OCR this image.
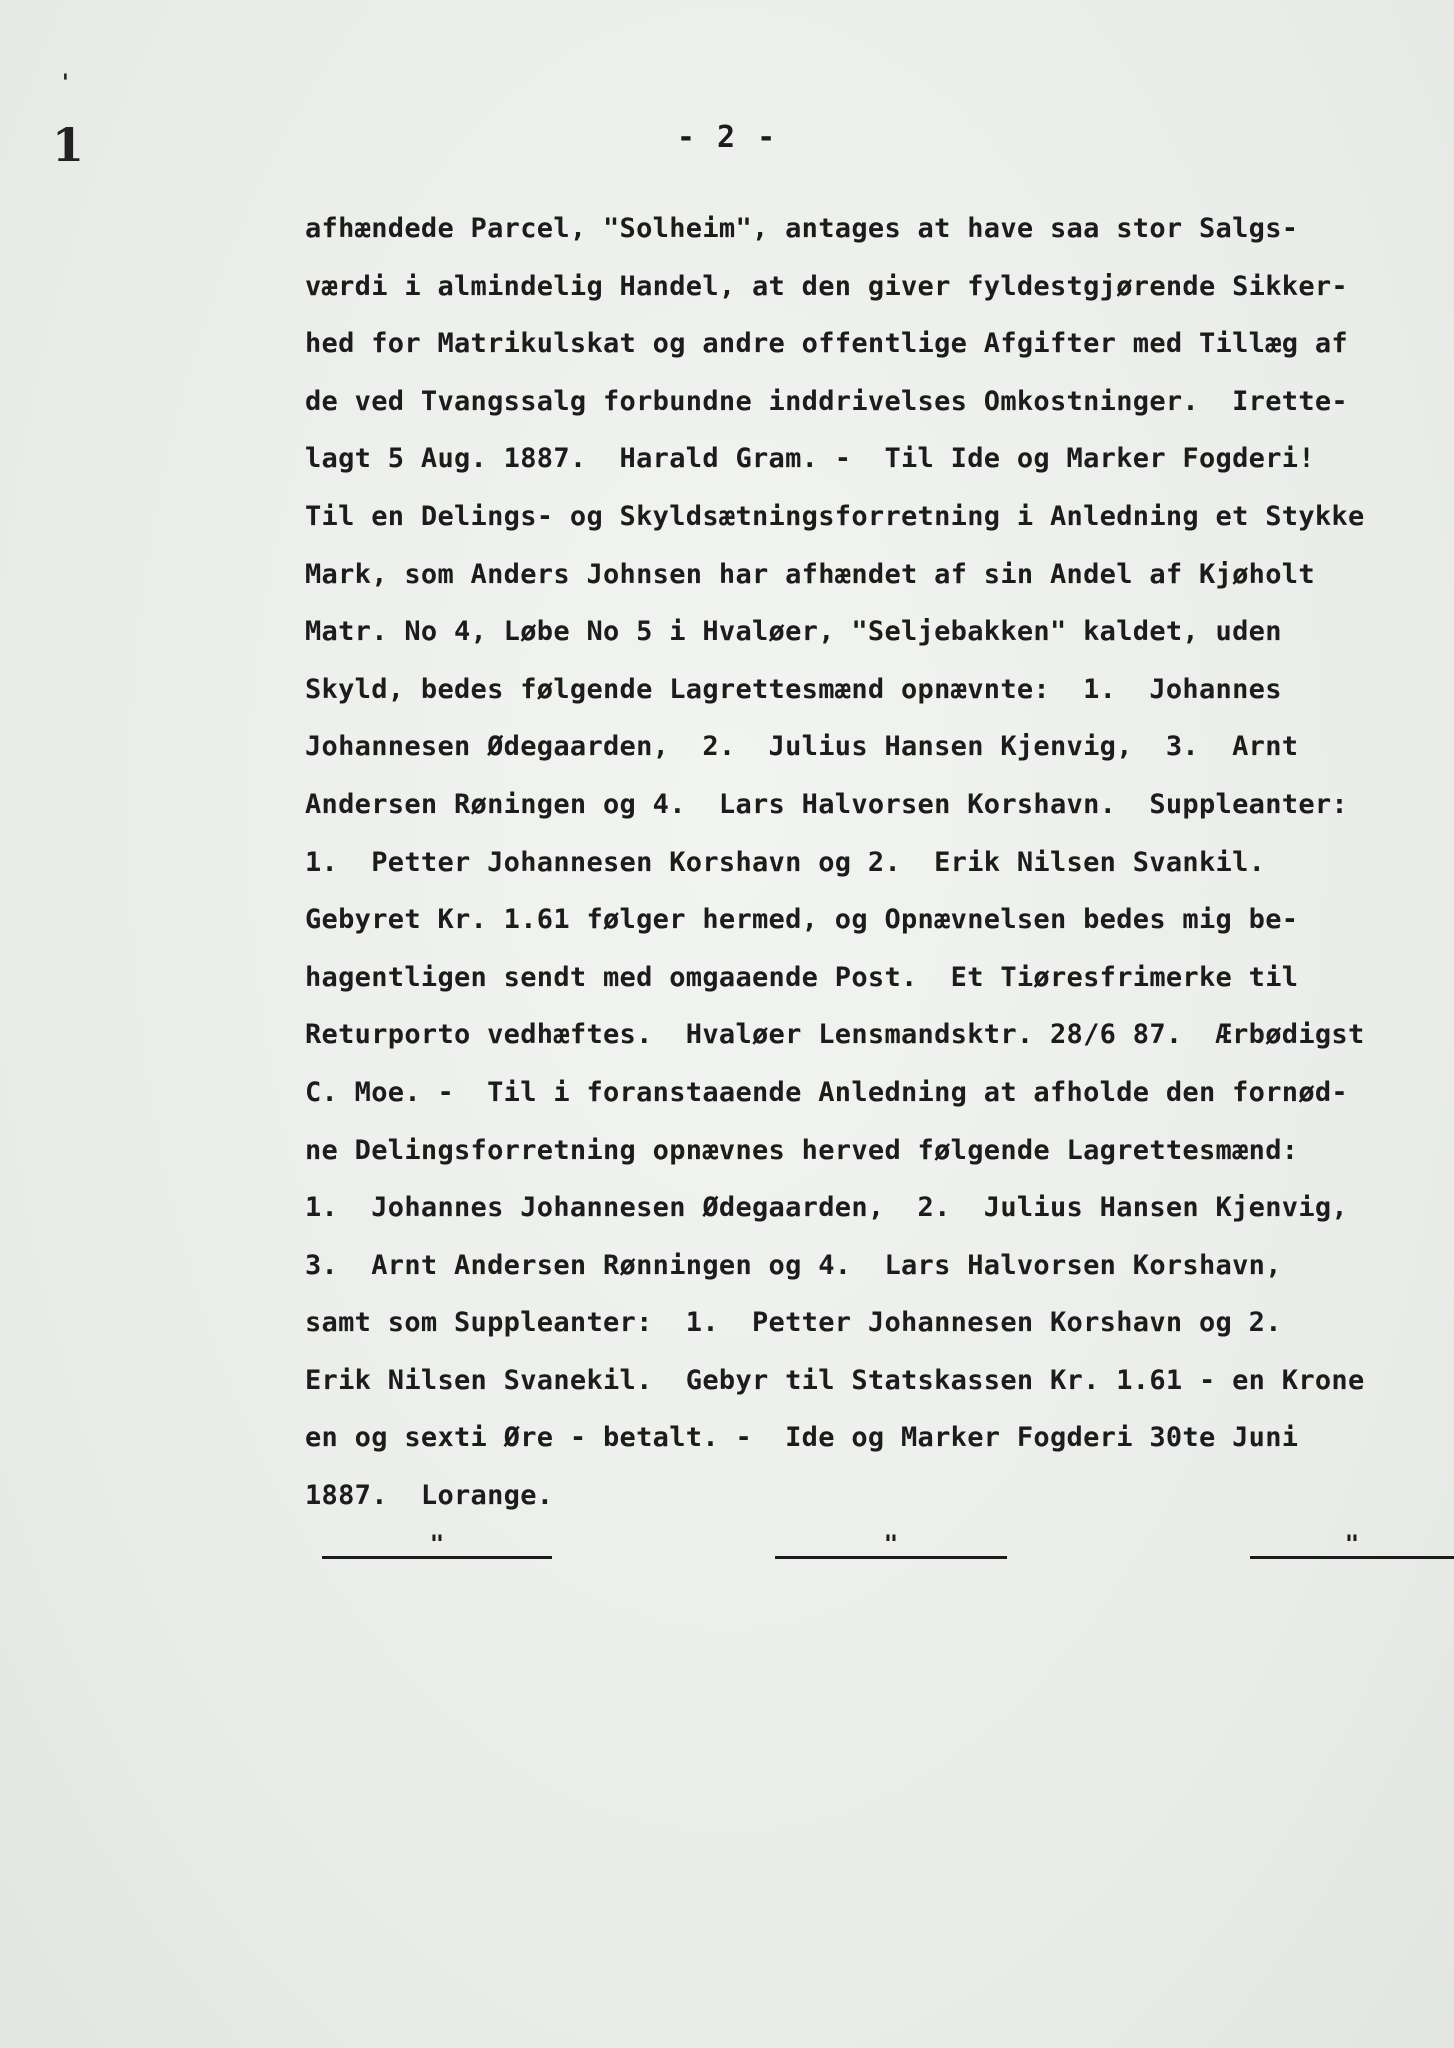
'
1	- 2 -
afhændede Parcel, "Solheim", antages at have saa stor Salgs-
værdi i almindelig Handel, at den giver fyldestgjørende Sikker-
hed for Matrikulskat og andre offentlige Afgifter med Tillæg af
de ved Tvangssalg forbundne inddrivelses Omkostninger.  Irette-
lagt 5 Aug. 1887.  Harald Gram. -  Til Ide og Marker Fogderi!
Til en Delings- og Skyldsætningsforretning i Anledning et Stykke
Mark, som Anders Johnsen har afhændet af sin Andel af Kjøholt
Matr. No 4, Løbe No 5 i Hvaløer, "Seljebakken" kaldet, uden
Skyld, bedes følgende Lagrettesmænd opnævnte:  1.  Johannes
Johannesen Ødegaarden,  2.  Julius Hansen Kjenvig,  3.  Arnt
Andersen Røningen og 4.  Lars Halvorsen Korshavn.  Suppleanter:
1.  Petter Johannesen Korshavn og 2.  Erik Nilsen Svankil.
Gebyret Kr. 1.61 følger hermed, og Opnævnelsen bedes mig be-
hagentligen sendt med omgaaende Post.  Et Tiøresfrimerke til
Returporto vedhæftes.  Hvaløer Lensmandsktr. 28/6 87.  Ærbødigst
C. Moe. -  Til i foranstaaende Anledning at afholde den fornød-
ne Delingsforretning opnævnes herved følgende Lagrettesmænd:
1.  Johannes Johannesen Ødegaarden,  2.  Julius Hansen Kjenvig,
3.  Arnt Andersen Rønningen og 4.  Lars Halvorsen Korshavn,
samt som Suppleanter:  1.  Petter Johannesen Korshavn og 2.
Erik Nilsen Svanekil.  Gebyr til Statskassen Kr. 1.61 - en Krone
en og sexti Øre - betalt. -  Ide og Marker Fogderi 30te Juni
1887.  Lorange.
"	"	"
